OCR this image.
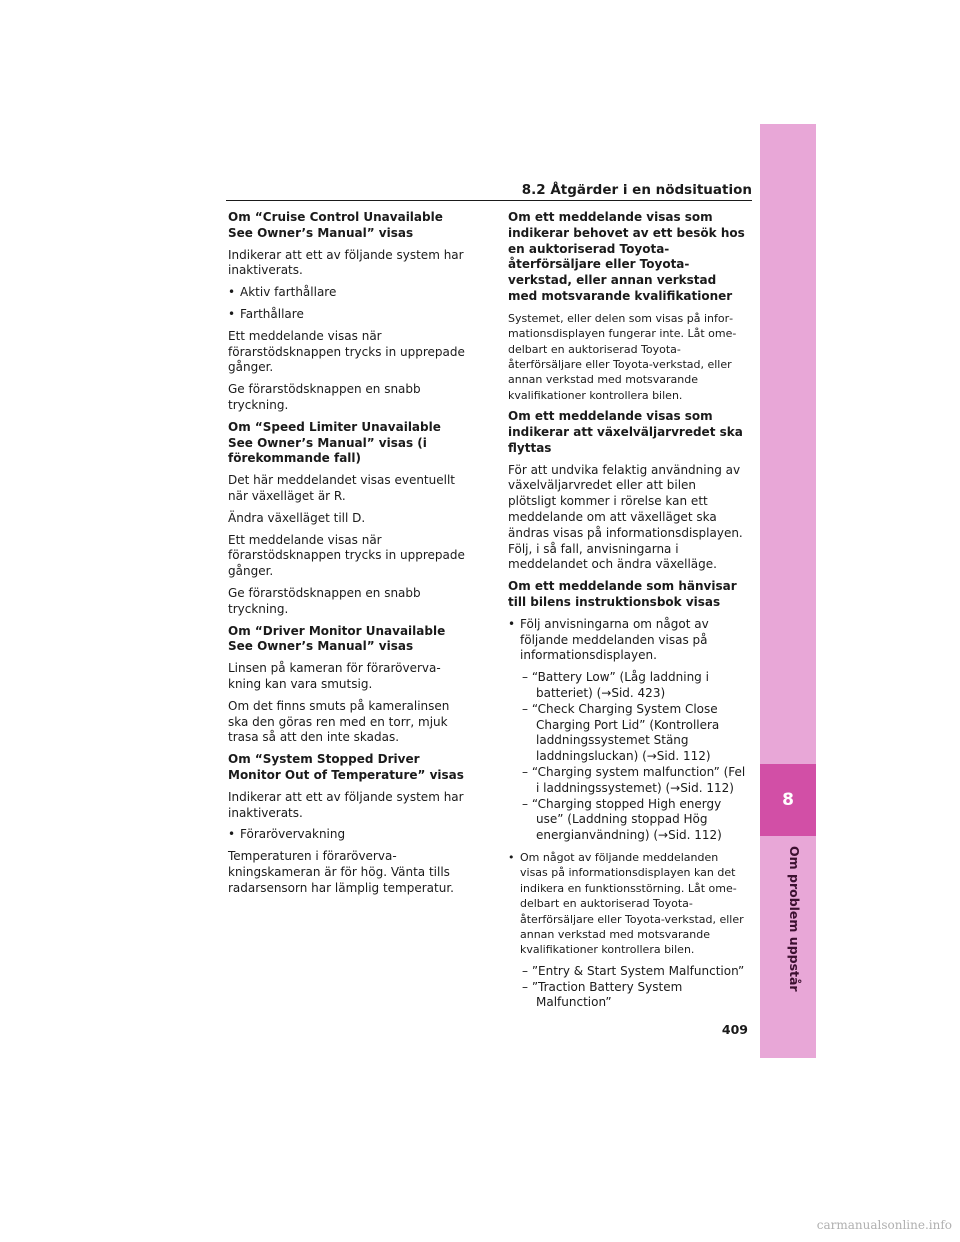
8.2 Åtgärder i en nödsituation
Om “Cruise Control Unavailable See Owner’s Manual” visas
Indikerar att ett av följande system har inaktiverats.
• Aktiv farthållare
• Farthållare
Ett meddelande visas när förarstödsknappen trycks in upprepade gånger.
Ge förarstödsknappen en snabb tryckning.
Om “Speed Limiter Unavailable See Owner’s Manual” visas (i förekommande fall)
Det här meddelandet visas eventuellt när växelläget är R.
Ändra växelläget till D.
Ett meddelande visas när förarstödsknappen trycks in upprepade gånger.
Ge förarstödsknappen en snabb tryckning.
Om “Driver Monitor Unavailable See Owner’s Manual” visas
Linsen på kameran för förarövervakning kan vara smutsig.
Om det finns smuts på kameralinsen ska den göras ren med en torr, mjuk trasa så att den inte skadas.
Om “System Stopped Driver Monitor Out of Temperature” visas
Indikerar att ett av följande system har inaktiverats.
• Förarövervakning
Temperaturen i förarövervakningskameran är för hög. Vänta tills radarsensorn har lämplig temperatur.
Om ett meddelande visas som indikerar behovet av ett besök hos en auktoriserad Toyota-återförsäljare eller Toyota-verkstad, eller annan verkstad med motsvarande kvalifikationer
Systemet, eller delen som visas på informationsdisplayen fungerar inte. Låt omedelbart en auktoriserad Toyota-återförsäljare eller Toyota-verkstad, eller annan verkstad med motsvarande kvalifikationer kontrollera bilen.
Om ett meddelande visas som indikerar att växelväljarvredet ska flyttas
För att undvika felaktig användning av växelväljarvredet eller att bilen plötsligt kommer i rörelse kan ett meddelande om att växelläget ska ändras visas på informationsdisplayen. Följ, i så fall, anvisningarna i meddelandet och ändra växelläge.
Om ett meddelande som hänvisar till bilens instruktionsbok visas
• Följ anvisningarna om något av följande meddelanden visas på informationsdisplayen.
– “Battery Low” (Låg laddning i batteriet) (→Sid. 423)
– “Check Charging System Close Charging Port Lid” (Kontrollera laddningssystemet Stäng laddningsluckan) (→Sid. 112)
– “Charging system malfunction” (Fel i laddningssystemet) (→Sid. 112)
– “Charging stopped High energy use” (Laddning stoppad Hög energianvändning) (→Sid. 112)
• Om något av följande meddelanden visas på informationsdisplayen kan det indikera en funktionsstörning. Låt omedelbart en auktoriserad Toyota-återförsäljare eller Toyota-verkstad, eller annan verkstad med motsvarande kvalifikationer kontrollera bilen.
– ”Entry & Start System Malfunction”
– ”Traction Battery System Malfunction”
8
Om problem uppstår
409
carmanualsonline.info
